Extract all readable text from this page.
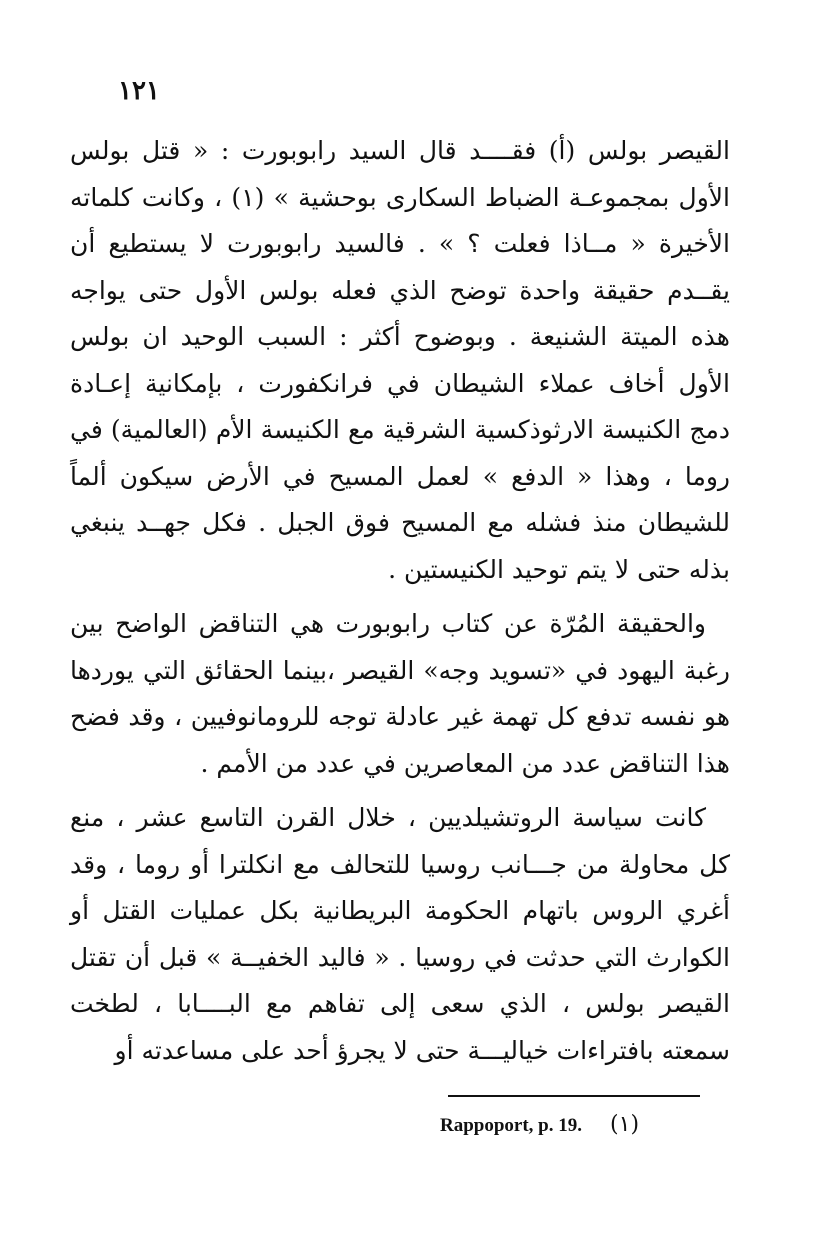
١٢١

القيصر بولس (أ) فقــــد قال السيد رابوبورت : « قتل بولس الأول بمجموعـة الضباط السكارى بوحشية » (١) ، وكانت كلماته الأخيرة « مــاذا فعلت ؟ » . فالسيد رابوبورت لا يستطيع أن يقــدم حقيقة واحدة توضح الذي فعله بولس الأول حتى يواجه هذه الميتة الشنيعة . وبوضوح أكثر : السبب الوحيد ان بولس الأول أخاف عملاء الشيطان في فرانكفورت ، بإمكانية إعـادة دمج الكنيسة الارثوذكسية الشرقية مع الكنيسة الأم (العالمية) في روما ، وهذا « الدفع » لعمل المسيح في الأرض سيكون ألماً للشيطان منذ فشله مع المسيح فوق الجبل . فكل جهــد ينبغي بذله حتى لا يتم توحيد الكنيستين .

والحقيقة المُرّة عن كتاب رابوبورت هي التناقض الواضح بين رغبة اليهود في «تسويد وجه» القيصر ،بينما الحقائق التي يوردها هو نفسه تدفع كل تهمة غير عادلة توجه للرومانوفيين ، وقد فضح هذا التناقض عدد من المعاصرين في عدد من الأمم .

كانت سياسة الروتشيلديين ، خلال القرن التاسع عشر ، منع كل محاولة من جـــانب روسيا للتحالف مع انكلترا أو روما ، وقد أغري الروس باتهام الحكومة البريطانية بكل عمليات القتل أو الكوارث التي حدثت في روسيا . « فاليد الخفيــة » قبل أن تقتل القيصر بولس ، الذي سعى إلى تفاهم مع البــــابا ، لطخت سمعته بافتراءات خياليـــة حتى لا يجرؤ أحد على مساعدته أو

Rappoport, p. 19. (١)
